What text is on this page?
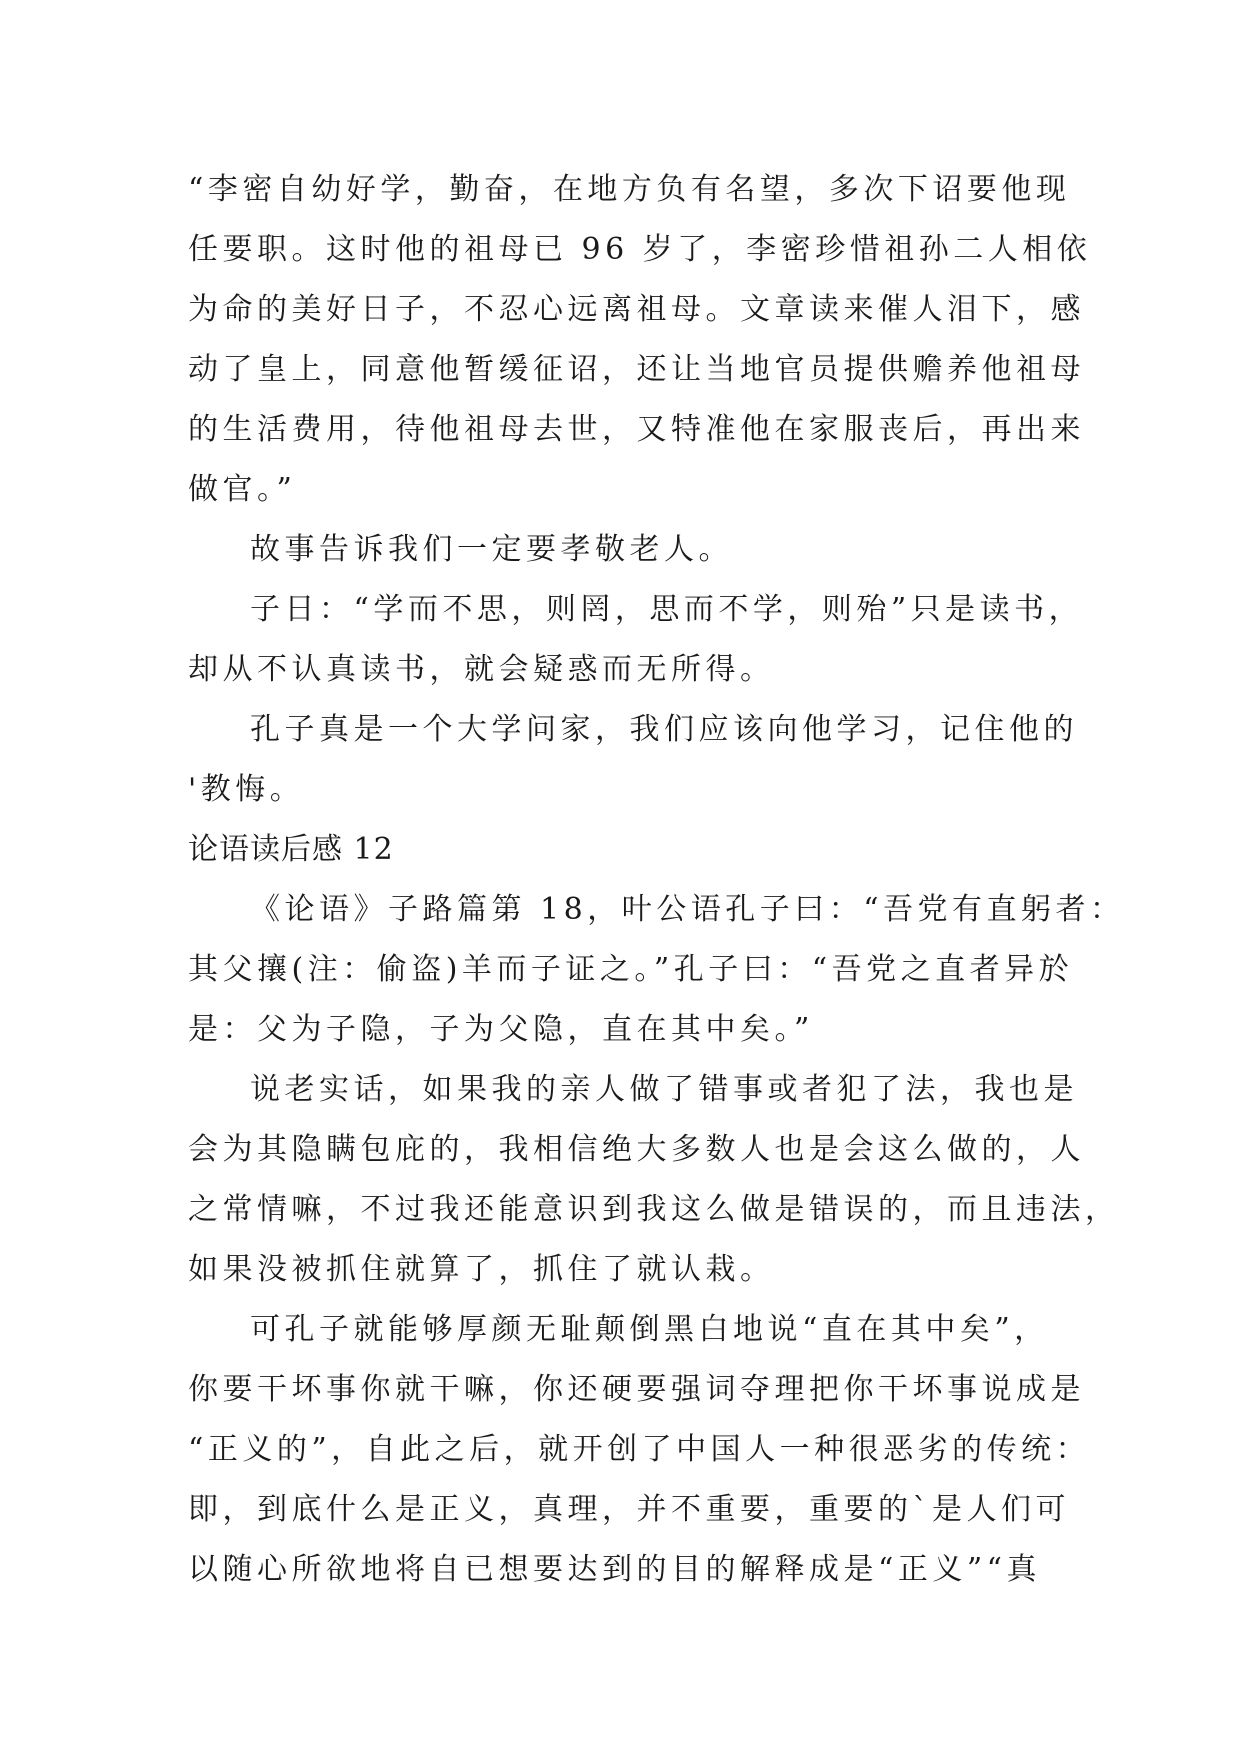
“李密自幼好学，勤奋，在地方负有名望，多次下诏要他现
任要职。这时他的祖母已 96 岁了，李密珍惜祖孙二人相依
为命的美好日子，不忍心远离祖母。文章读来催人泪下，感
动了皇上，同意他暂缓征诏，还让当地官员提供赡养他祖母
的生活费用，待他祖母去世，又特准他在家服丧后，再出来
做官。”
故事告诉我们一定要孝敬老人。
子日：“学而不思，则罔，思而不学，则殆”只是读书，
却从不认真读书，就会疑惑而无所得。
孔子真是一个大学问家，我们应该向他学习，记住他的
'教悔。
论语读后感 12
《论语》子路篇第 18，叶公语孔子曰：“吾党有直躬者：
其父攘(注：偷盗)羊而子证之。”孔子曰：“吾党之直者异於
是：父为子隐，子为父隐，直在其中矣。”
说老实话，如果我的亲人做了错事或者犯了法，我也是
会为其隐瞒包庇的，我相信绝大多数人也是会这么做的，人
之常情嘛，不过我还能意识到我这么做是错误的，而且违法，
如果没被抓住就算了，抓住了就认栽。
可孔子就能够厚颜无耻颠倒黑白地说“直在其中矣”，
你要干坏事你就干嘛，你还硬要强词夺理把你干坏事说成是
“正义的”，自此之后，就开创了中国人一种很恶劣的传统：
即，到底什么是正义，真理，并不重要，重要的`是人们可
以随心所欲地将自已想要达到的目的解释成是“正义”“真
